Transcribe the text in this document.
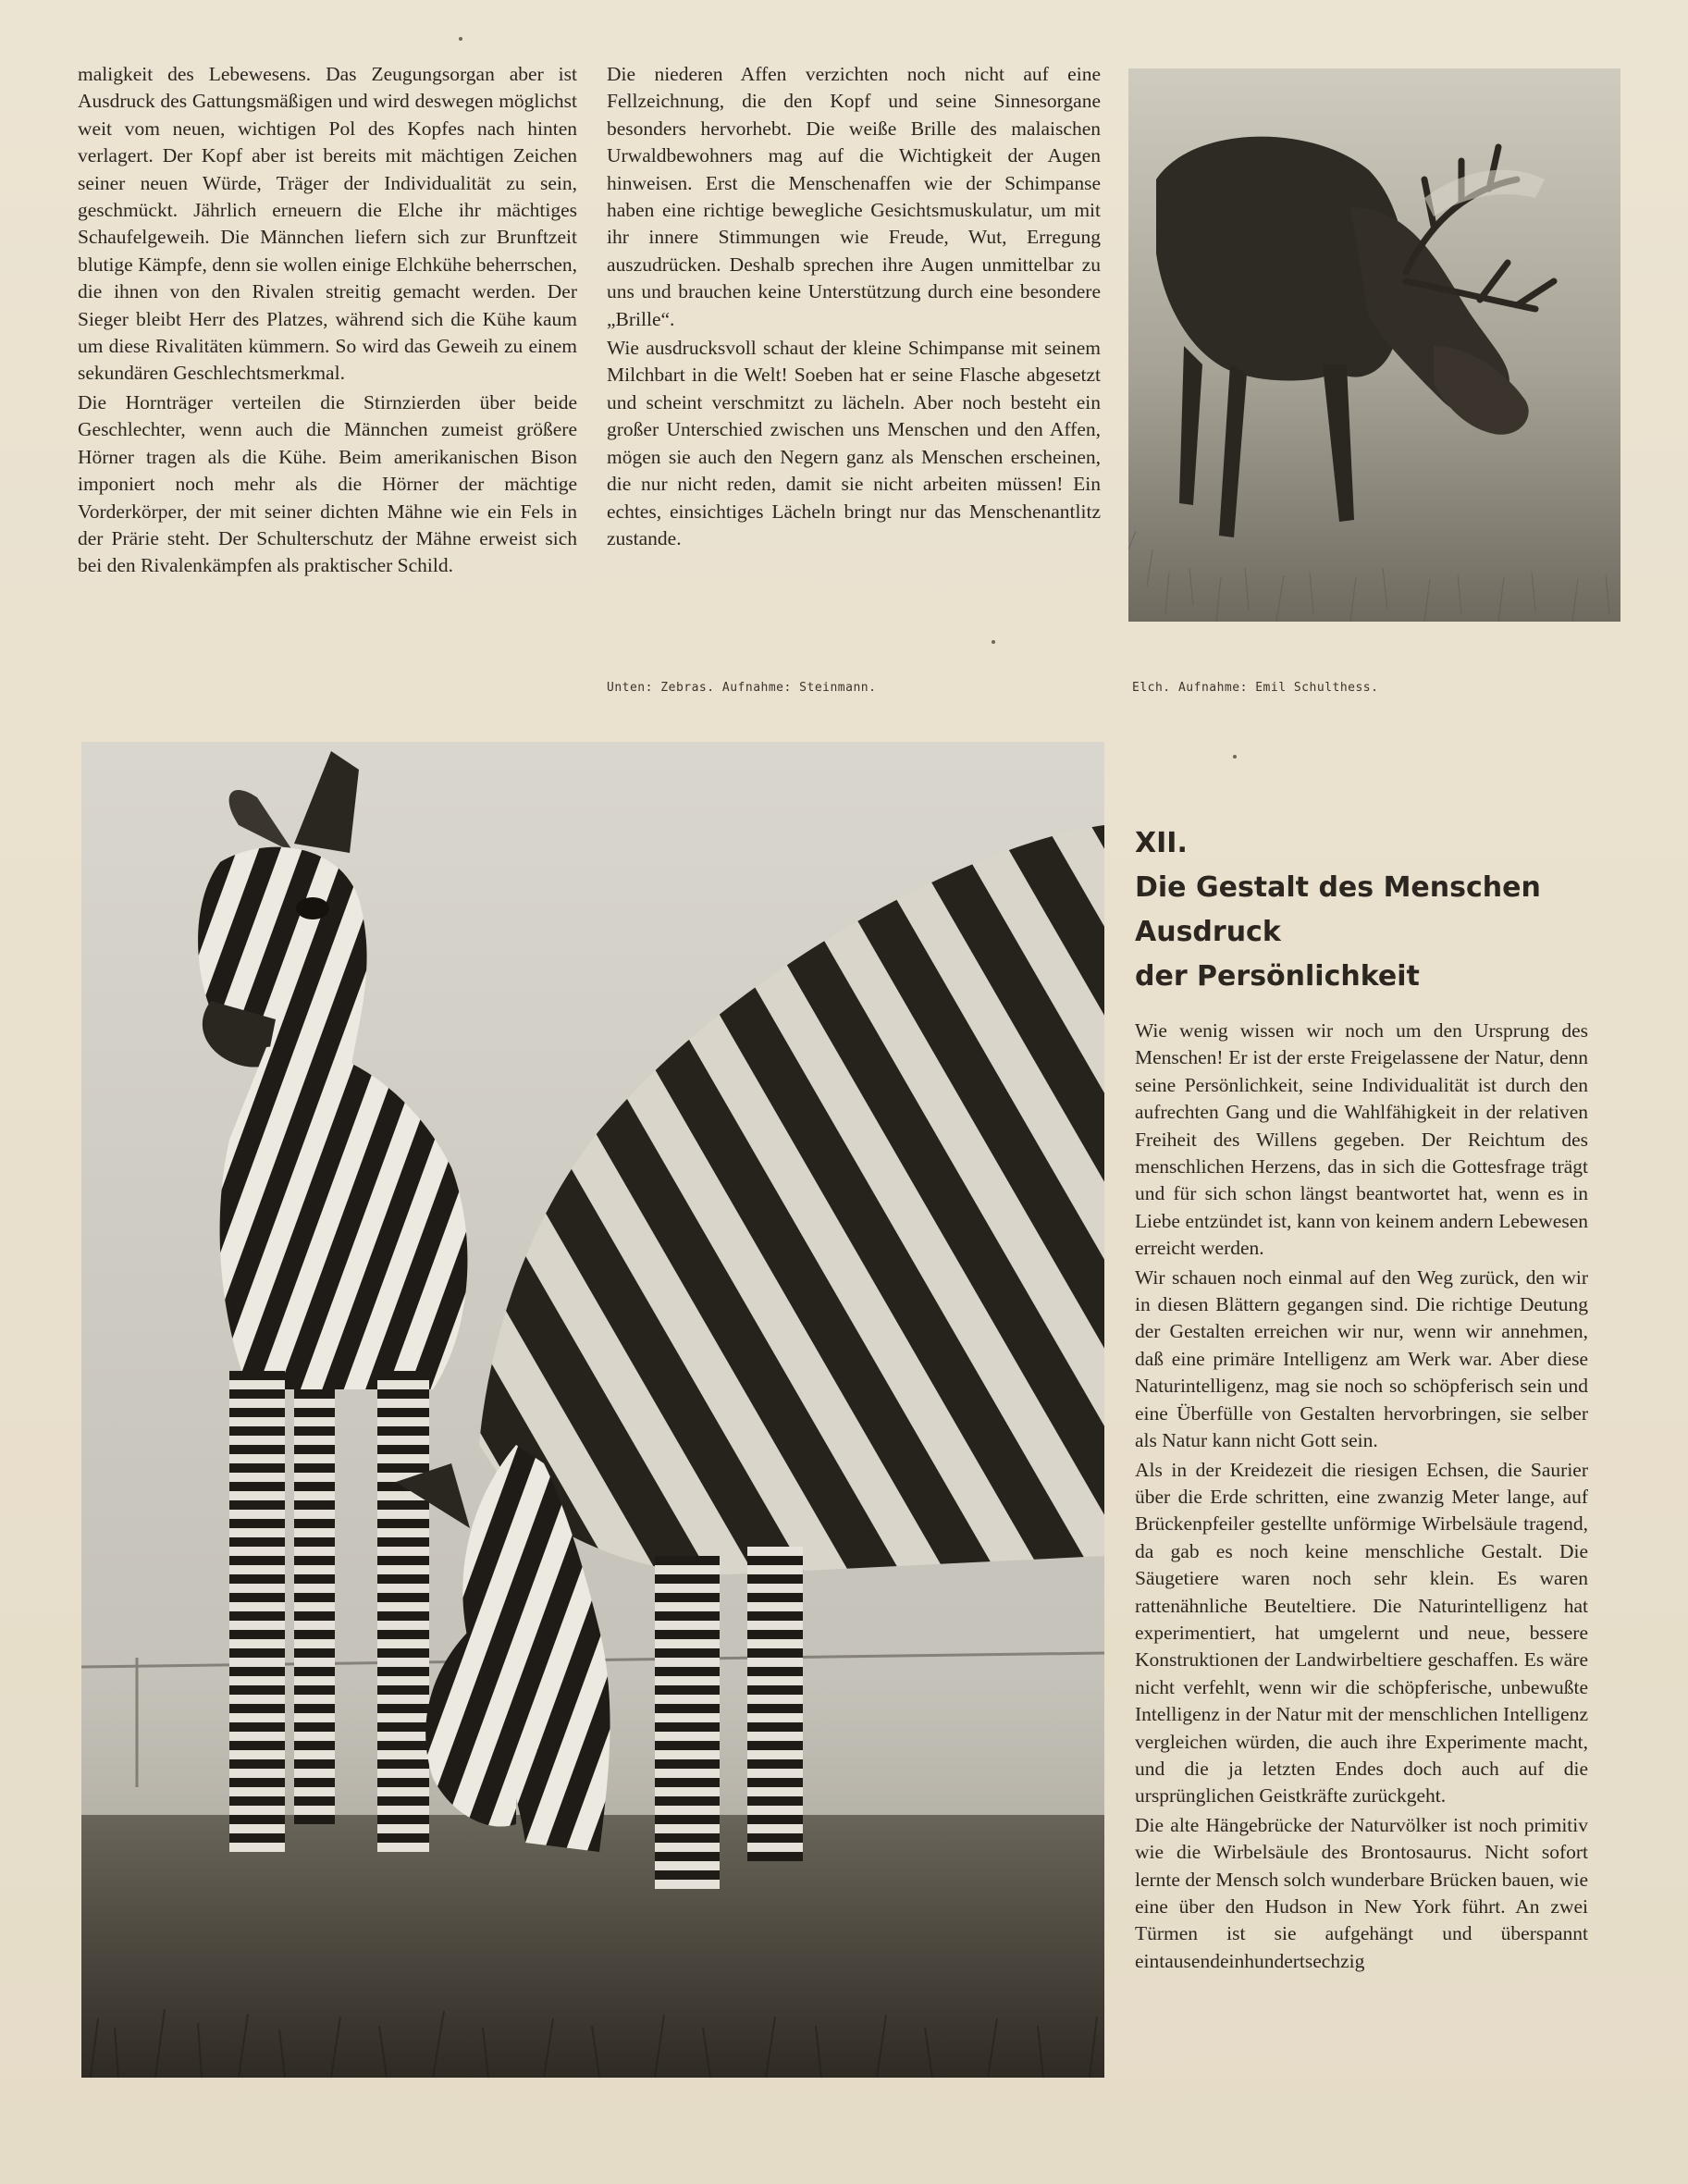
maligkeit des Lebewesens. Das Zeugungsorgan aber ist Ausdruck des Gattungsmäßigen und wird deswegen möglichst weit vom neuen, wichtigen Pol des Kopfes nach hinten verlagert. Der Kopf aber ist bereits mit mächtigen Zeichen seiner neuen Würde, Träger der Individualität zu sein, geschmückt. Jährlich erneuern die Elche ihr mächtiges Schaufelgeweih. Die Männchen liefern sich zur Brunftzeit blutige Kämpfe, denn sie wollen einige Elchkühe beherrschen, die ihnen von den Rivalen streitig gemacht werden. Der Sieger bleibt Herr des Platzes, während sich die Kühe kaum um diese Rivalitäten kümmern. So wird das Geweih zu einem sekundären Geschlechtsmerkmal.

Die Hornträger verteilen die Stirnzierden über beide Geschlechter, wenn auch die Männchen zumeist größere Hörner tragen als die Kühe. Beim amerikanischen Bison imponiert noch mehr als die Hörner der mächtige Vorderkörper, der mit seiner dichten Mähne wie ein Fels in der Prärie steht. Der Schulterschutz der Mähne erweist sich bei den Rivalenkämpfen als praktischer Schild.

Die niederen Affen verzichten noch nicht auf eine Fellzeichnung, die den Kopf und seine Sinnesorgane besonders hervorhebt. Die weiße Brille des malaischen Urwaldbewohners mag auf die Wichtigkeit der Augen hinweisen. Erst die Menschenaffen wie der Schimpanse haben eine richtige bewegliche Gesichtsmuskulatur, um mit ihr innere Stimmungen wie Freude, Wut, Erregung auszudrücken. Deshalb sprechen ihre Augen unmittelbar zu uns und brauchen keine Unterstützung durch eine besondere „Brille“.

Wie ausdrucksvoll schaut der kleine Schimpanse mit seinem Milchbart in die Welt! Soeben hat er seine Flasche abgesetzt und scheint verschmitzt zu lächeln. Aber noch besteht ein großer Unterschied zwischen uns Menschen und den Affen, mögen sie auch den Negern ganz als Menschen erscheinen, die nur nicht reden, damit sie nicht arbeiten müssen! Ein echtes, einsichtiges Lächeln bringt nur das Menschenantlitz zustande.

Unten: Zebras. Aufnahme: Steinmann.	Elch. Aufnahme: Emil Schulthess.
XII.
Die Gestalt des Menschen
Ausdruck
der Persönlichkeit

Wie wenig wissen wir noch um den Ursprung des Menschen! Er ist der erste Freigelassene der Natur, denn seine Persönlichkeit, seine Individualität ist durch den aufrechten Gang und die Wahlfähigkeit in der relativen Freiheit des Willens gegeben. Der Reichtum des menschlichen Herzens, das in sich die Gottesfrage trägt und für sich schon längst beantwortet hat, wenn es in Liebe entzündet ist, kann von keinem andern Lebewesen erreicht werden.

Wir schauen noch einmal auf den Weg zurück, den wir in diesen Blättern gegangen sind. Die richtige Deutung der Gestalten erreichen wir nur, wenn wir annehmen, daß eine primäre Intelligenz am Werk war. Aber diese Naturintelligenz, mag sie noch so schöpferisch sein und eine Überfülle von Gestalten hervorbringen, sie selber als Natur kann nicht Gott sein.

Als in der Kreidezeit die riesigen Echsen, die Saurier über die Erde schritten, eine zwanzig Meter lange, auf Brückenpfeiler gestellte unförmige Wirbelsäule tragend, da gab es noch keine menschliche Gestalt. Die Säugetiere waren noch sehr klein. Es waren rattenähnliche Beuteltiere. Die Naturintelligenz hat experimentiert, hat umgelernt und neue, bessere Konstruktionen der Landwirbeltiere geschaffen. Es wäre nicht verfehlt, wenn wir die schöpferische, unbewußte Intelligenz in der Natur mit der menschlichen Intelligenz vergleichen würden, die auch ihre Experimente macht, und die ja letzten Endes doch auch auf die ursprünglichen Geistkräfte zurückgeht.

Die alte Hängebrücke der Naturvölker ist noch primitiv wie die Wirbelsäule des Brontosaurus. Nicht sofort lernte der Mensch solch wunderbare Brücken bauen, wie eine über den Hudson in New York führt. An zwei Türmen ist sie aufgehängt und überspannt eintausendeinhundertsechzig
